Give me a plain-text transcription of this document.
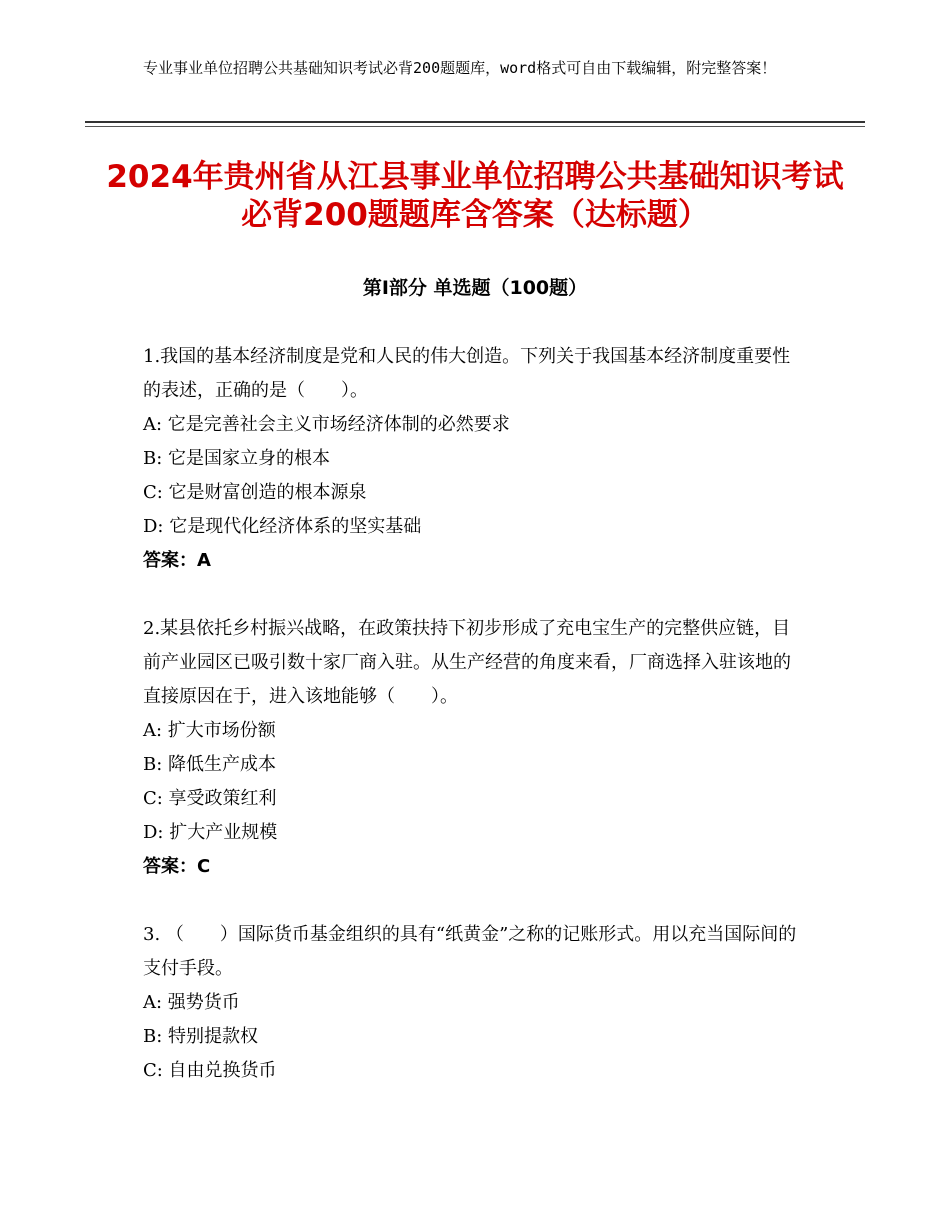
专业事业单位招聘公共基础知识考试必背200题题库，word格式可自由下载编辑，附完整答案！
2024年贵州省从江县事业单位招聘公共基础知识考试必背200题题库含答案（达标题）
第Ⅰ部分 单选题（100题）

1.我国的基本经济制度是党和人民的伟大创造。下列关于我国基本经济制度重要性的表述，正确的是（　　）。

A: 它是完善社会主义市场经济体制的必然要求

B: 它是国家立身的根本

C: 它是财富创造的根本源泉

D: 它是现代化经济体系的坚实基础

答案：A

2.某县依托乡村振兴战略，在政策扶持下初步形成了充电宝生产的完整供应链，目前产业园区已吸引数十家厂商入驻。从生产经营的角度来看，厂商选择入驻该地的直接原因在于，进入该地能够（　　）。

A: 扩大市场份额

B: 降低生产成本

C: 享受政策红利

D: 扩大产业规模

答案：C

3. （　　）国际货币基金组织的具有“纸黄金”之称的记账形式。用以充当国际间的支付手段。

A: 强势货币

B: 特别提款权

C: 自由兑换货币
